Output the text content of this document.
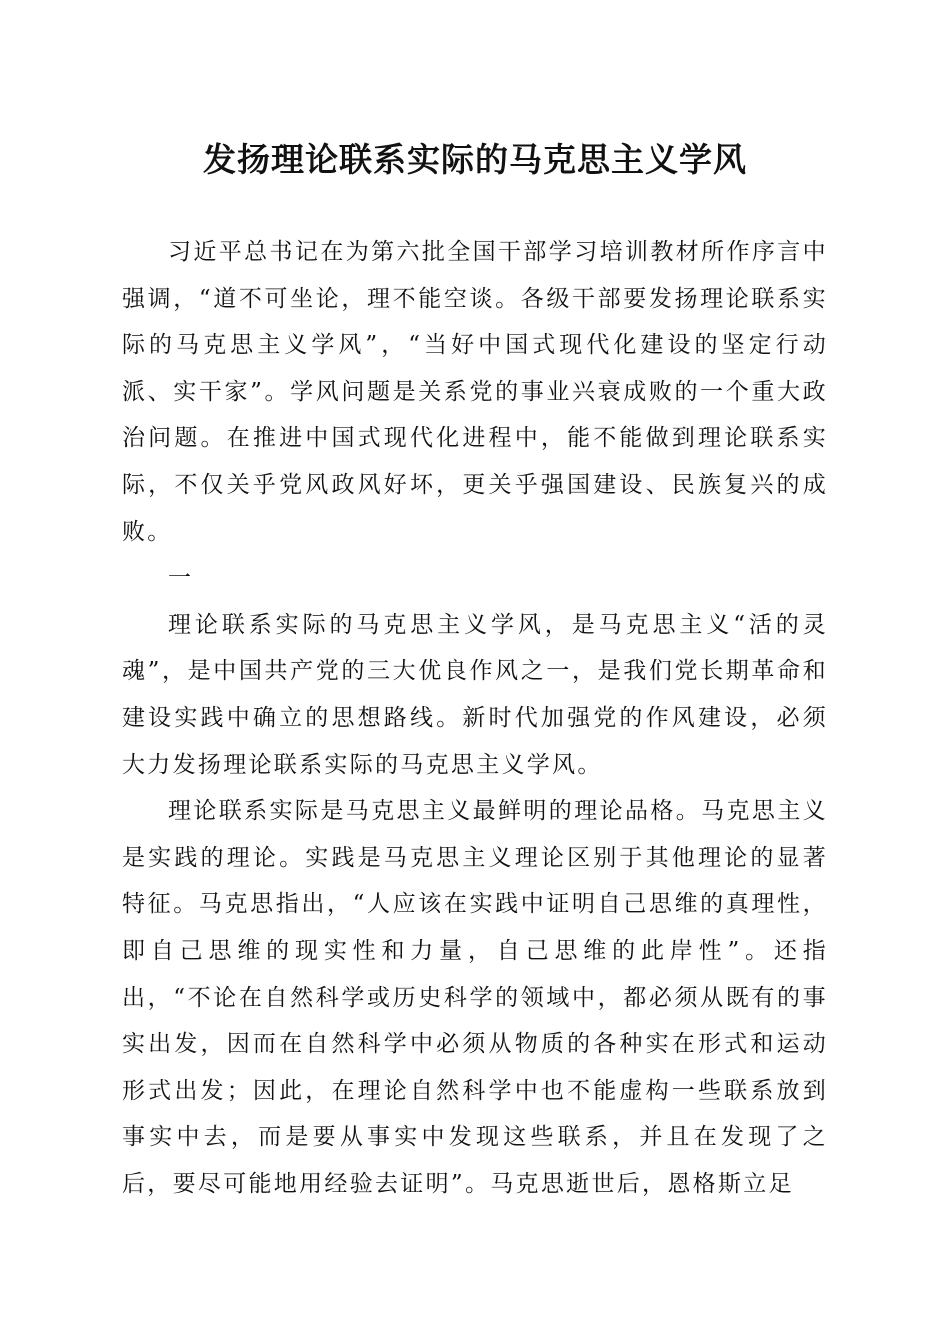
发扬理论联系实际的马克思主义学风

习近平总书记在为第六批全国干部学习培训教材所作序言中强调，“道不可坐论，理不能空谈。各级干部要发扬理论联系实际的马克思主义学风”，“当好中国式现代化建设的坚定行动派、实干家”。学风问题是关系党的事业兴衰成败的一个重大政治问题。在推进中国式现代化进程中，能不能做到理论联系实际，不仅关乎党风政风好坏，更关乎强国建设、民族复兴的成败。

一

理论联系实际的马克思主义学风，是马克思主义“活的灵魂”，是中国共产党的三大优良作风之一，是我们党长期革命和建设实践中确立的思想路线。新时代加强党的作风建设，必须大力发扬理论联系实际的马克思主义学风。

理论联系实际是马克思主义最鲜明的理论品格。马克思主义是实践的理论。实践是马克思主义理论区别于其他理论的显著特征。马克思指出，“人应该在实践中证明自己思维的真理性，即自己思维的现实性和力量，自己思维的此岸性”。还指出，“不论在自然科学或历史科学的领域中，都必须从既有的事实出发，因而在自然科学中必须从物质的各种实在形式和运动形式出发；因此，在理论自然科学中也不能虚构一些联系放到事实中去，而是要从事实中发现这些联系，并且在发现了之后，要尽可能地用经验去证明”。马克思逝世后，恩格斯立足
